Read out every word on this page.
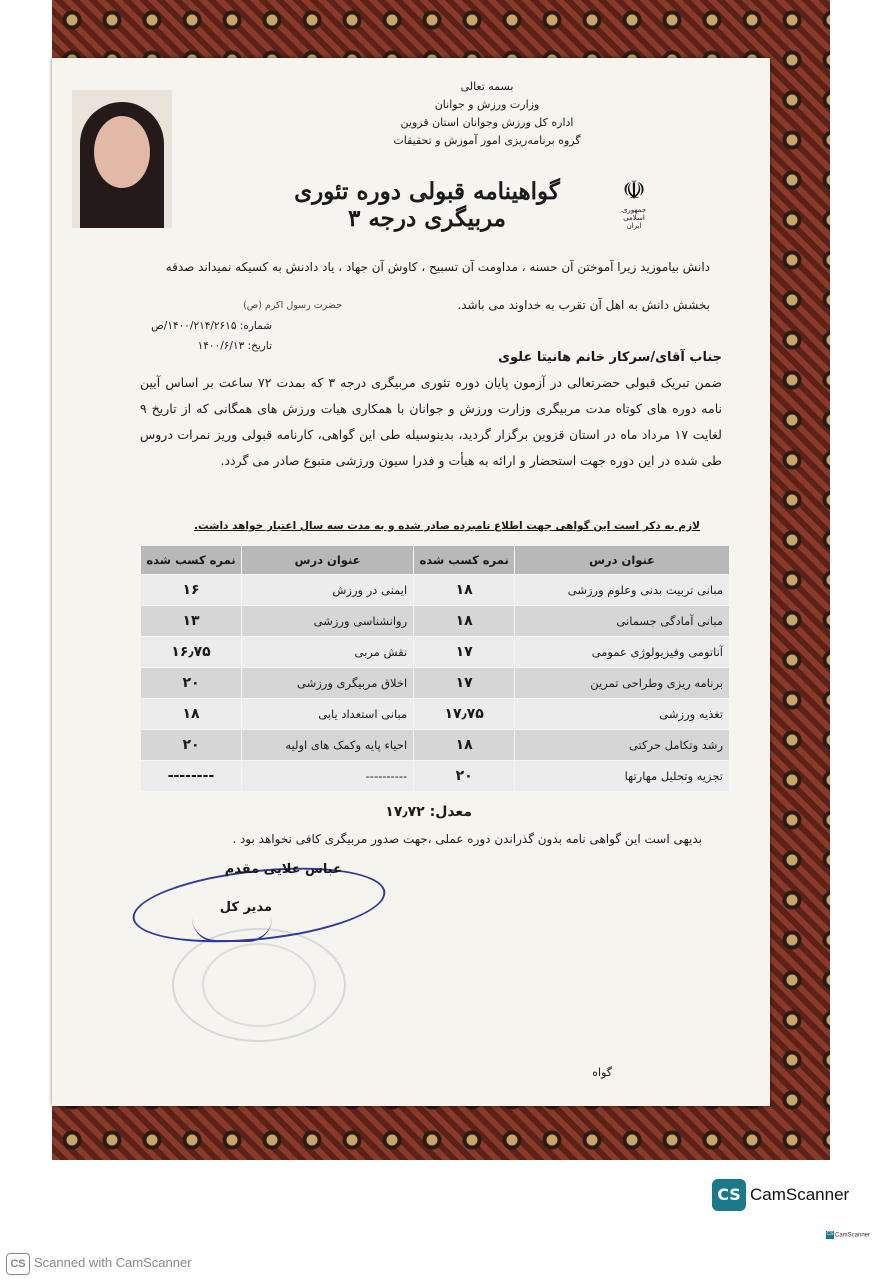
بسمه تعالی
وزارت ورزش و جوانان
اداره کل ورزش وجوانان استان قزوین
گروه برنامه‌ریزی امور آموزش و تحقیقات
☫
جمهوری اسلامی ایران
گواهینامه قبولی دوره تئوری مربیگری درجه ۳
دانش بیاموزید زیرا آموختن آن حسنه ، مداومت آن تسبیح ، کاوش آن جهاد ، یاد دادنش به کسیکه نمیداند صدقه
بخشش دانش به اهل آن تقرب به خداوند می باشد.
حضرت رسول اکرم (ص)
شماره: ۱۴۰۰/۲۱۴/۲۶۱۵/ص
تاریخ: ۱۴۰۰/۶/۱۳
جناب آقای/سرکار خانم هانیتا علوی
ضمن تبریک قبولی حضرتعالی در آزمون پایان دوره تئوری مربیگری درجه ۳ که بمدت ۷۲ ساعت بر اساس آیین نامه دوره های کوتاه مدت مربیگری وزارت ورزش و جوانان با همکاری هیات ورزش های همگانی که از تاریخ ۹ لغایت ۱۷ مرداد ماه در استان قزوین برگزار گردید، بدینوسیله طی این گواهی، کارنامه قبولی وریز نمرات دروس طی شده در این دوره جهت استحضار و ارائه به هیأت و فدرا سیون ورزشی متبوع صادر می گردد.
لازم به ذکر است این گواهی جهت اطلاع نامبرده صادر شده و به مدت سه سال اعتبار خواهد داشت.
عنوان درس	نمره کسب شده	عنوان درس	نمره کسب شده
مبانی تربیت بدنی وعلوم ورزشی	۱۸	ایمنی در ورزش	۱۶
مبانی آمادگی جسمانی	۱۸	روانشناسی ورزشی	۱۳
آناتومی وفیزیولوژی عمومی	۱۷	نقش مربی	۱۶٫۷۵
برنامه ریزی وطراحی تمرین	۱۷	اخلاق مربیگری ورزشی	۲۰
تغذیه ورزشی	۱۷٫۷۵	مبانی استعداد یابی	۱۸
رشد وتکامل حرکتی	۱۸	احیاء پایه وکمک های اولیه	۲۰
تجزیه وتحلیل مهارتها	۲۰	----------	--------
معدل: ۱۷٫۷۲
بدیهی است این گواهی نامه بدون گذراندن دوره عملی ،جهت صدور مربیگری کافی نخواهد بود .
عباس علایی مقدم
مدیر کل
گواه
CS CamScanner
CS CamScanner
CS Scanned with CamScanner
